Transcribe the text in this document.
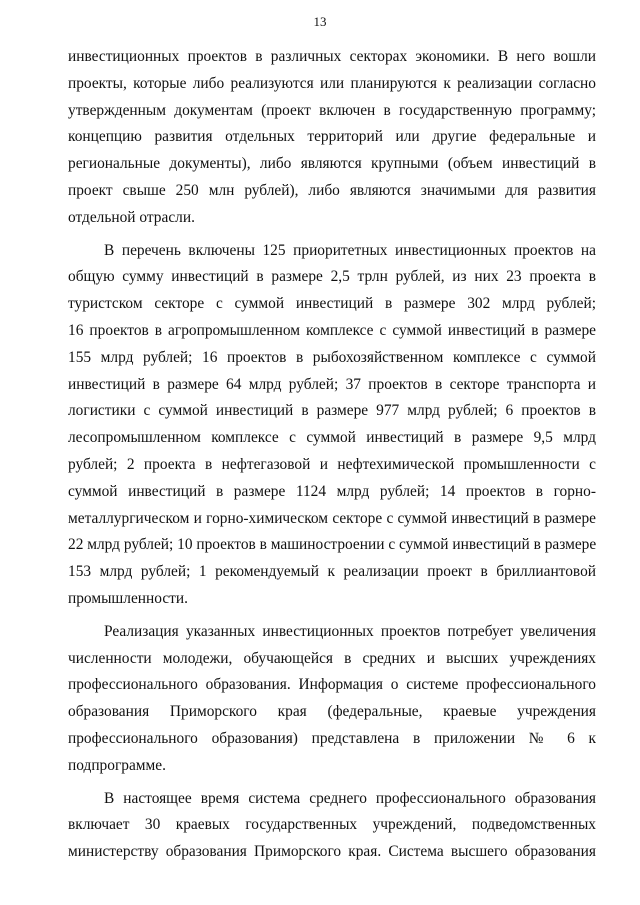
13

инвестиционных проектов в различных секторах экономики. В него вошли
проекты, которые либо реализуются или планируются к реализации согласно
утвержденным документам (проект включен в государственную программу;
концепцию развития отдельных территорий или другие федеральные и
региональные документы), либо являются крупными (объем инвестиций в
проект свыше 250 млн рублей), либо являются значимыми для развития
отдельной отрасли.

В перечень включены 125 приоритетных инвестиционных проектов на
общую сумму инвестиций в размере 2,5 трлн рублей, из них 23 проекта в
туристском секторе с суммой инвестиций в размере 302 млрд рублей;
16 проектов в агропромышленном комплексе с суммой инвестиций в размере
155 млрд рублей; 16 проектов в рыбохозяйственном комплексе с суммой
инвестиций в размере 64 млрд рублей; 37 проектов в секторе транспорта и
логистики с суммой инвестиций в размере 977 млрд рублей; 6 проектов в
лесопромышленном комплексе с суммой инвестиций в размере 9,5 млрд
рублей; 2 проекта в нефтегазовой и нефтехимической промышленности с
суммой инвестиций в размере 1124 млрд рублей; 14 проектов в горно-
металлургическом и горно-химическом секторе с суммой инвестиций в размере
22 млрд рублей; 10 проектов в машиностроении с суммой инвестиций в размере
153 млрд рублей; 1 рекомендуемый к реализации проект в бриллиантовой
промышленности.

Реализация указанных инвестиционных проектов потребует увеличения
численности молодежи, обучающейся в средних и высших учреждениях
профессионального образования. Информация о системе профессионального
образования Приморского края (федеральные, краевые учреждения
профессионального образования) представлена в приложении № 6 к
подпрограмме.

В настоящее время система среднего профессионального образования
включает 30 краевых государственных учреждений, подведомственных
министерству образования Приморского края. Система высшего образования
